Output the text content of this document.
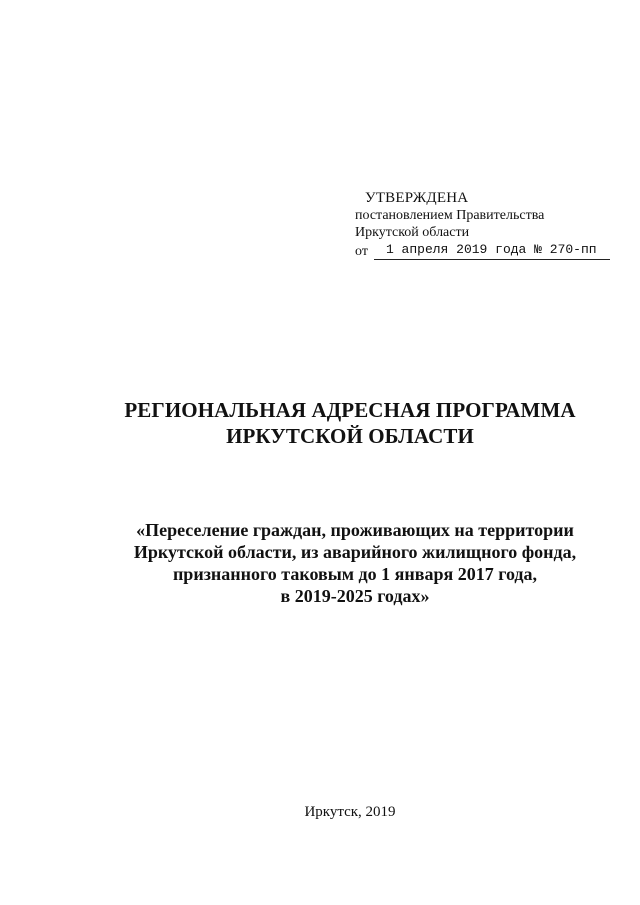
УТВЕРЖДЕНА
постановлением Правительства
Иркутской области
от	1 апреля 2019 года № 270-пп
РЕГИОНАЛЬНАЯ АДРЕСНАЯ ПРОГРАММА
ИРКУТСКОЙ ОБЛАСТИ
«Переселение граждан, проживающих на территории
Иркутской области, из аварийного жилищного фонда,
признанного таковым до 1 января 2017 года,
в 2019-2025 годах»
Иркутск, 2019
